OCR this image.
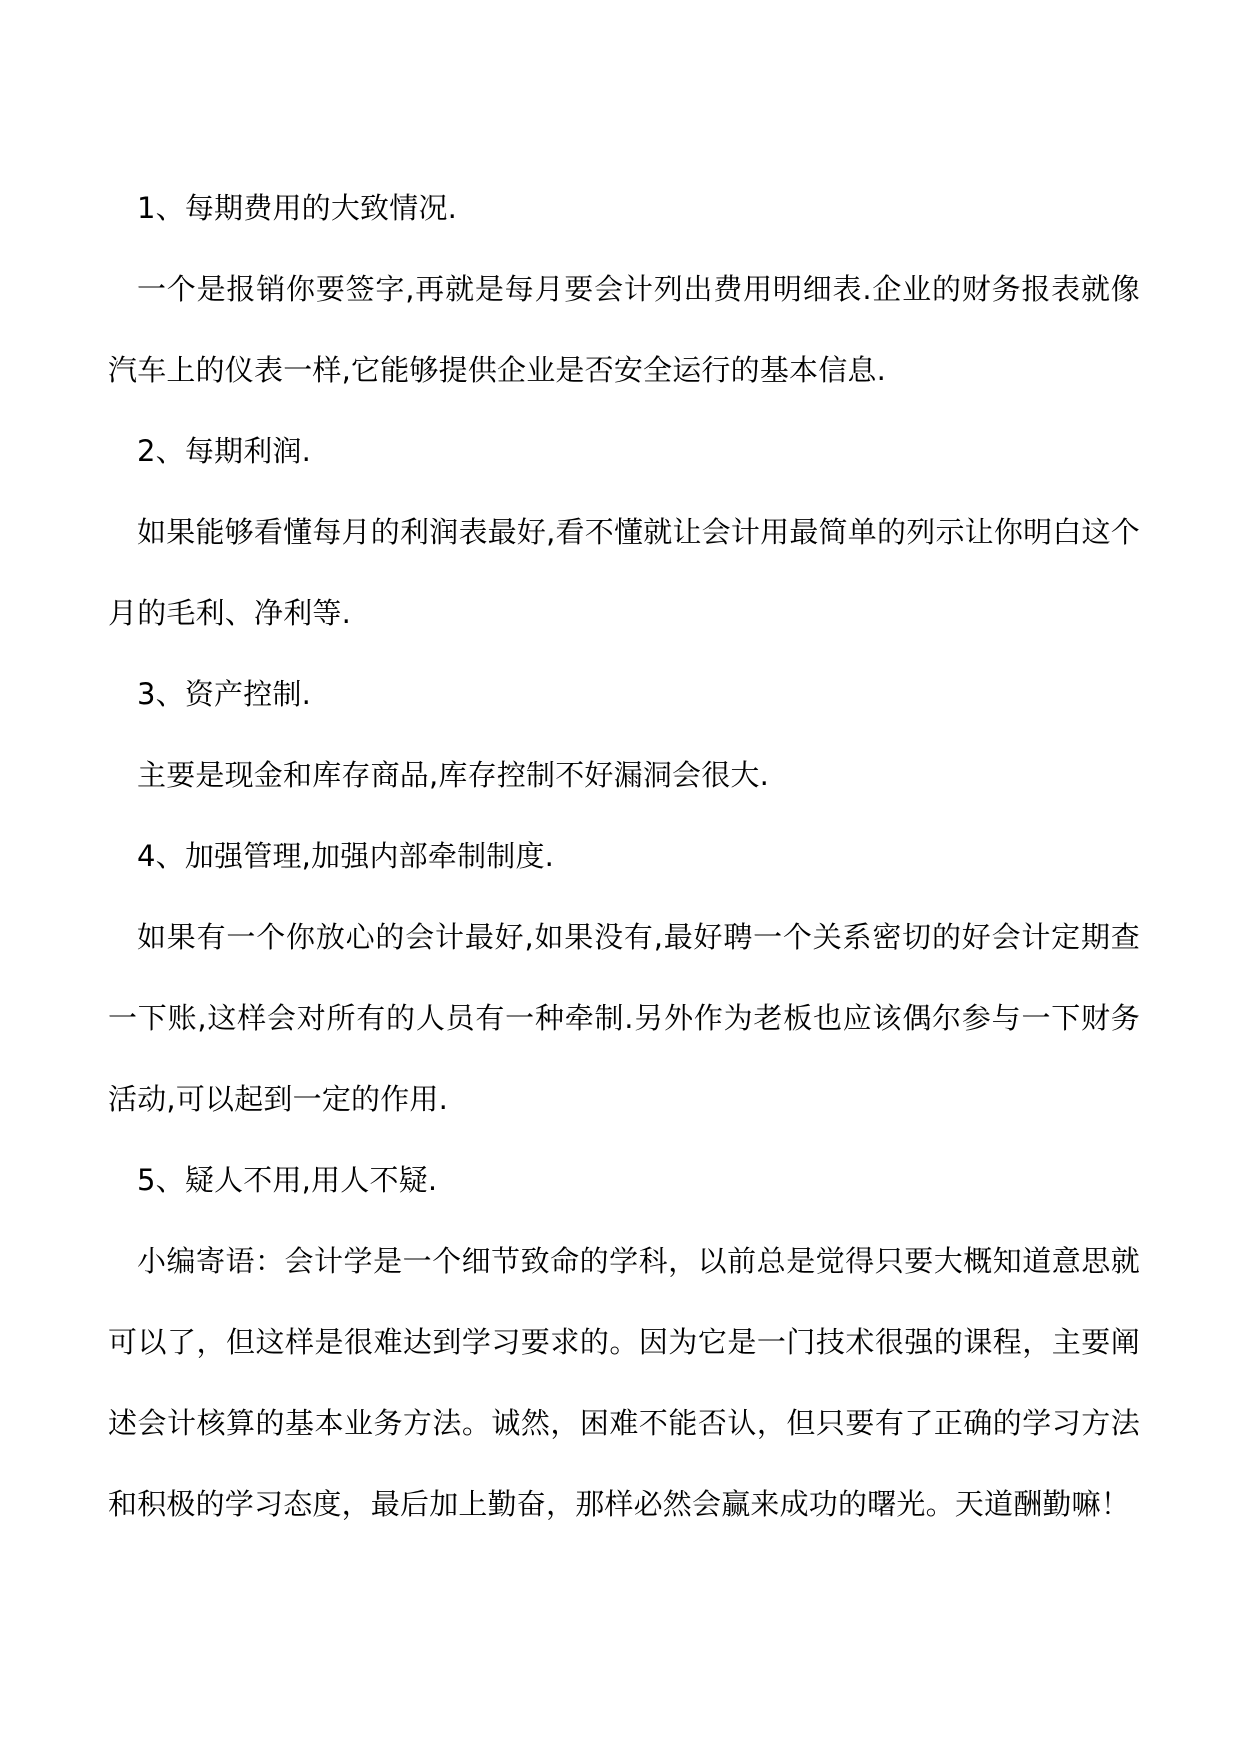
1、每期费用的大致情况.

一个是报销你要签字,再就是每月要会计列出费用明细表.企业的财务报表就像汽车上的仪表一样,它能够提供企业是否安全运行的基本信息.

2、每期利润.

如果能够看懂每月的利润表最好,看不懂就让会计用最简单的列示让你明白这个月的毛利、净利等.

3、资产控制.

主要是现金和库存商品,库存控制不好漏洞会很大.

4、加强管理,加强内部牵制制度.

如果有一个你放心的会计最好,如果没有,最好聘一个关系密切的好会计定期查一下账,这样会对所有的人员有一种牵制.另外作为老板也应该偶尔参与一下财务活动,可以起到一定的作用.

5、疑人不用,用人不疑.

小编寄语：会计学是一个细节致命的学科，以前总是觉得只要大概知道意思就可以了，但这样是很难达到学习要求的。因为它是一门技术很强的课程，主要阐述会计核算的基本业务方法。诚然，困难不能否认，但只要有了正确的学习方法和积极的学习态度，最后加上勤奋，那样必然会赢来成功的曙光。天道酬勤嘛！
